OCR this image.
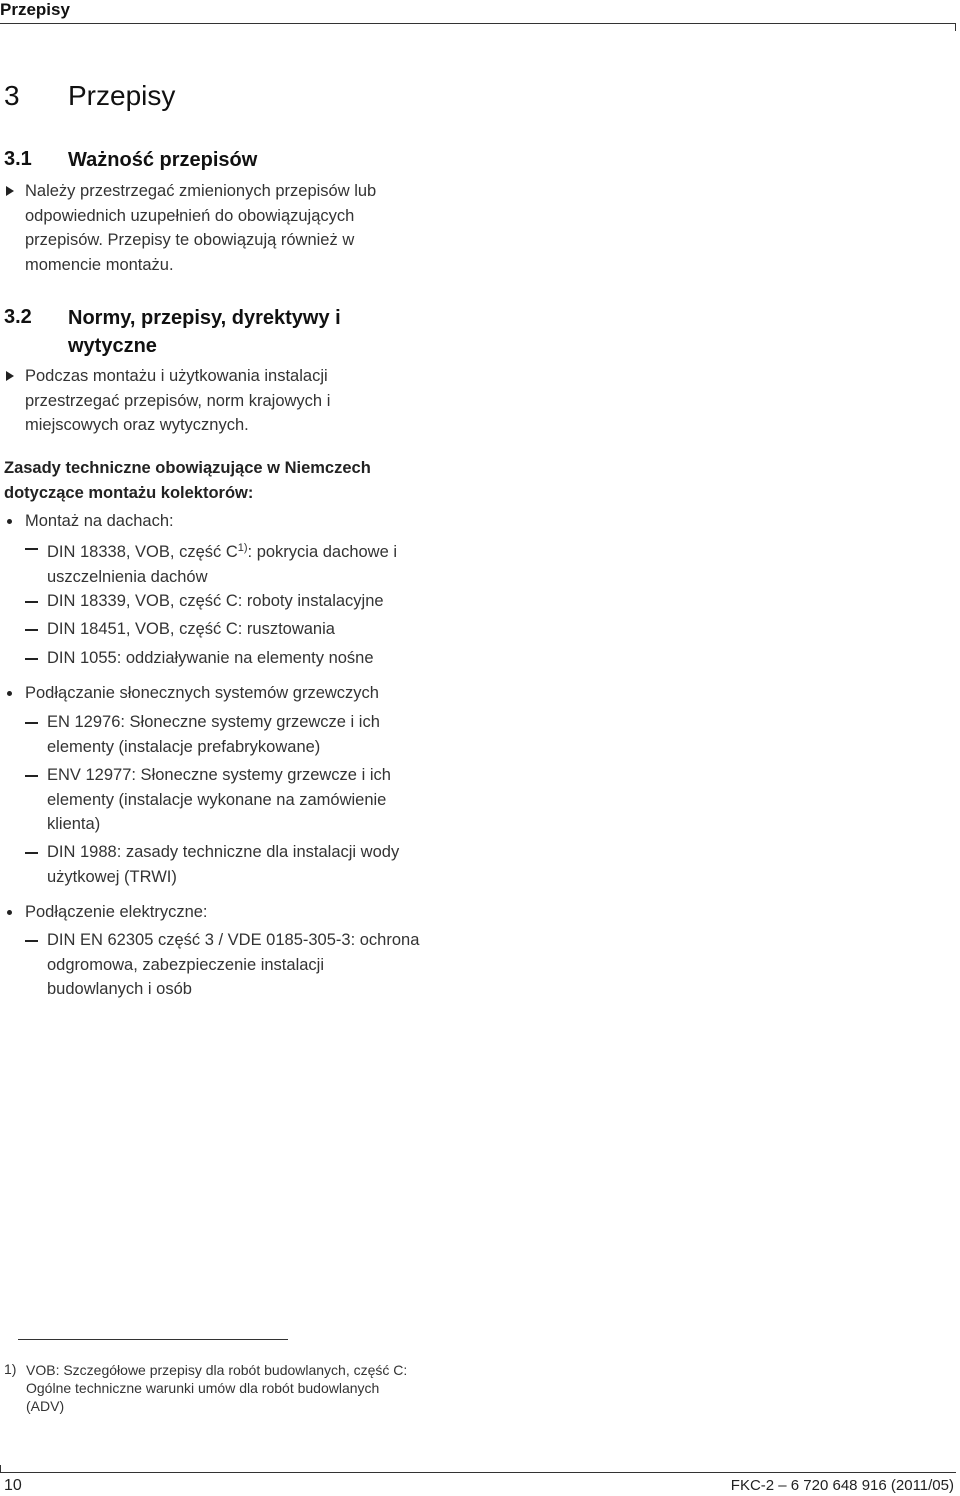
Przepisy
3 Przepisy
3.1 Ważność przepisów
Należy przestrzegać zmienionych przepisów lub
odpowiednich uzupełnień do obowiązujących
przepisów. Przepisy te obowiązują również w
momencie montażu.
3.2 Normy, przepisy, dyrektywy i
wytyczne
Podczas montażu i użytkowania instalacji
przestrzegać przepisów, norm krajowych i
miejscowych oraz wytycznych.
Zasady techniczne obowiązujące w Niemczech
dotyczące montażu kolektorów:
Montaż na dachach:
DIN 18338, VOB, część $C^{1)}$: pokrycia dachowe i
uszczelnienia dachów
DIN 18339, VOB, część C: roboty instalacyjne
DIN 18451, VOB, część C: rusztowania
DIN 1055: oddziaływanie na elementy nośne
Podłączanie słonecznych systemów grzewczych
EN 12976: Słoneczne systemy grzewcze i ich
elementy (instalacje prefabrykowane)
ENV 12977: Słoneczne systemy grzewcze i ich
elementy (instalacje wykonane na zamówienie
klienta)
DIN 1988: zasady techniczne dla instalacji wody
użytkowej (TRWI)
Podłączenie elektryczne:
DIN EN 62305 część 3 / VDE 0185-305-3: ochrona
odgromowa, zabezpieczenie instalacji
budowlanych i osób
1) VOB: Szczegółowe przepisy dla robót budowlanych, część C:
Ogólne techniczne warunki umów dla robót budowlanych
(ADV)
10	FKC-2 – 6 720 648 916 (2011/05)
